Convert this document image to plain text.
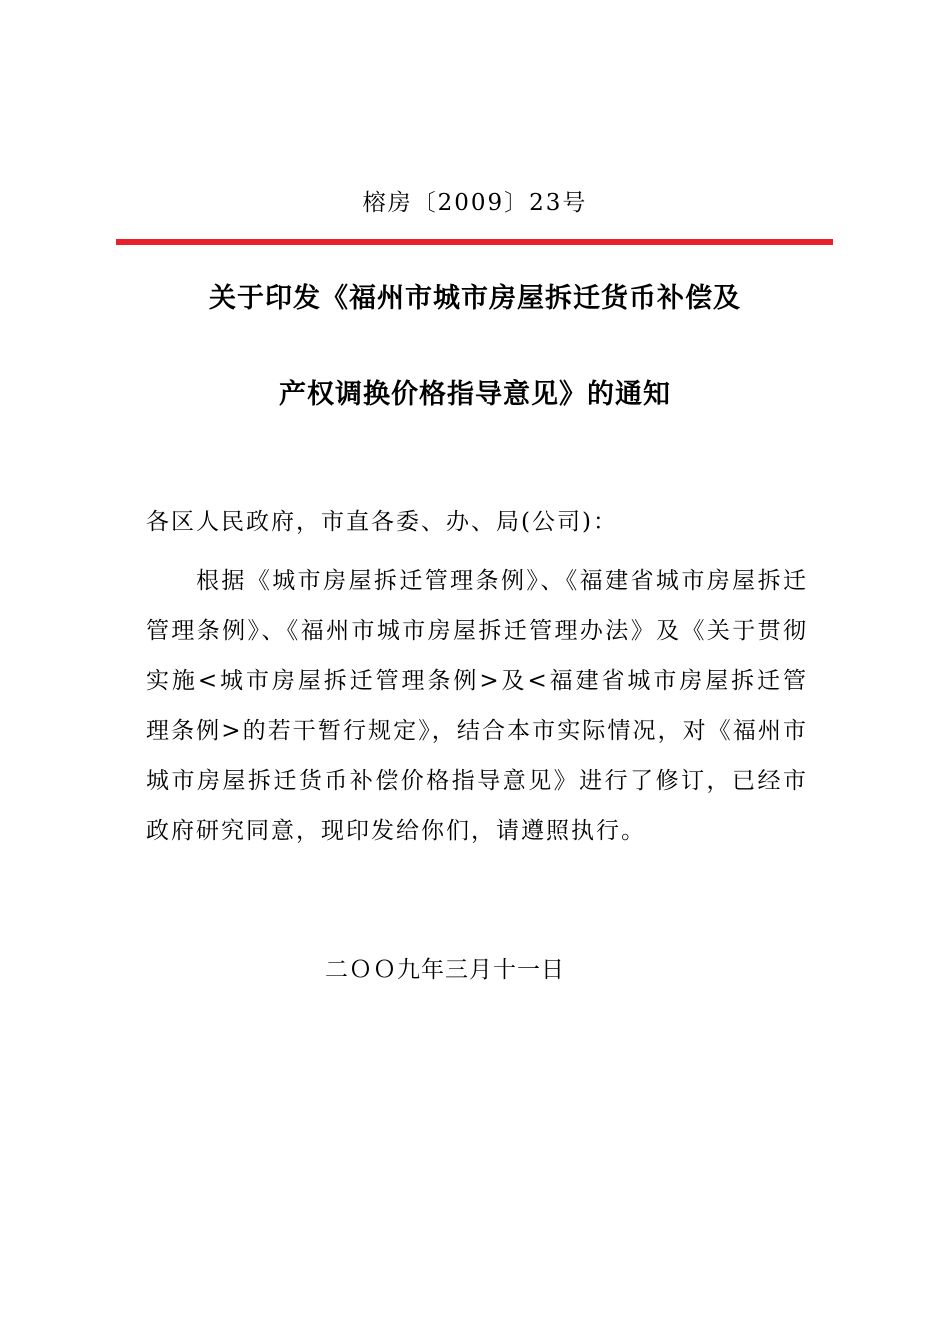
榕房〔2009〕23号
关于印发《福州市城市房屋拆迁货币补偿及
产权调换价格指导意见》的通知
各区人民政府，市直各委、办、局(公司)：
根据《城市房屋拆迁管理条例》、《福建省城市房屋拆迁管理条例》、《福州市城市房屋拆迁管理办法》及《关于贯彻实施<城市房屋拆迁管理条例>及<福建省城市房屋拆迁管理条例>的若干暂行规定》，结合本市实际情况，对《福州市城市房屋拆迁货币补偿价格指导意见》进行了修订，已经市政府研究同意，现印发给你们，请遵照执行。
二ＯＯ九年三月十一日
